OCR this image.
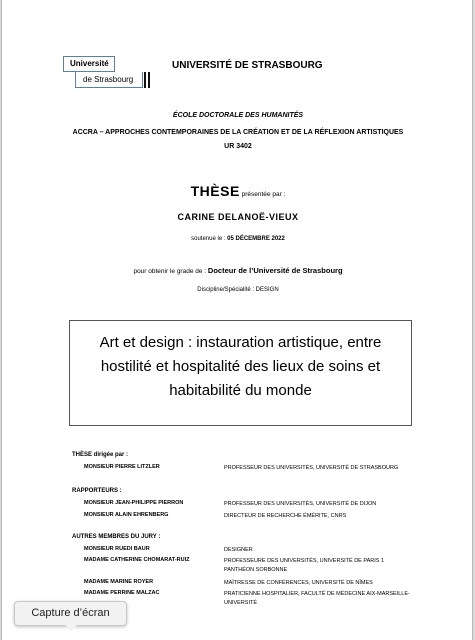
Université
de Strasbourg
UNIVERSITÉ DE STRASBOURG
ÉCOLE DOCTORALE DES HUMANITÉS
ACCRA – APPROCHES CONTEMPORAINES DE LA CRÉATION ET DE LA RÉFLEXION ARTISTIQUES
UR 3402
THÈSE présentée par :
CARINE DELANOË-VIEUX
soutenue le : 05 DÉCEMBRE 2022
pour obtenir le grade de : Docteur de l’Université de Strasbourg
Discipline/Spécialité : DESIGN
Art et design : instauration artistique, entre hostilité et hospitalité des lieux de soins et habitabilité du monde
THÈSE dirigée par :
MONSIEUR PIERRE LITZLER	PROFESSEUR DES UNIVERSITÉS, UNIVERSITÉ DE STRASBOURG
RAPPORTEURS :
MONSIEUR JEAN-PHILIPPE PIERRON	PROFESSEUR DES UNIVERSITÉS, UNIVERSITÉ DE DIJON
MONSIEUR ALAIN EHRENBERG	DIRECTEUR DE RECHERCHE ÉMÉRITE, CNRS
AUTRES MEMBRES DU JURY :
MONSIEUR RUEDI BAUR	DESIGNER
MADAME CATHERINE CHOMARAT-RUIZ	PROFESSEURE DES UNIVERSITÉS, UNIVERSITÉ DE PARIS 1 PANTHÉON SORBONNE
MADAME MARINE ROYER	MAÎTRESSE DE CONFÉRENCES, UNIVERSITÉ DE NÎMES
MADAME PERRINE MALZAC	PRATICIENNE HOSPITALIER, FACULTÉ DE MÉDECINE AIX-MARSEILLE-UNIVERSITÉ
Capture d’écran
